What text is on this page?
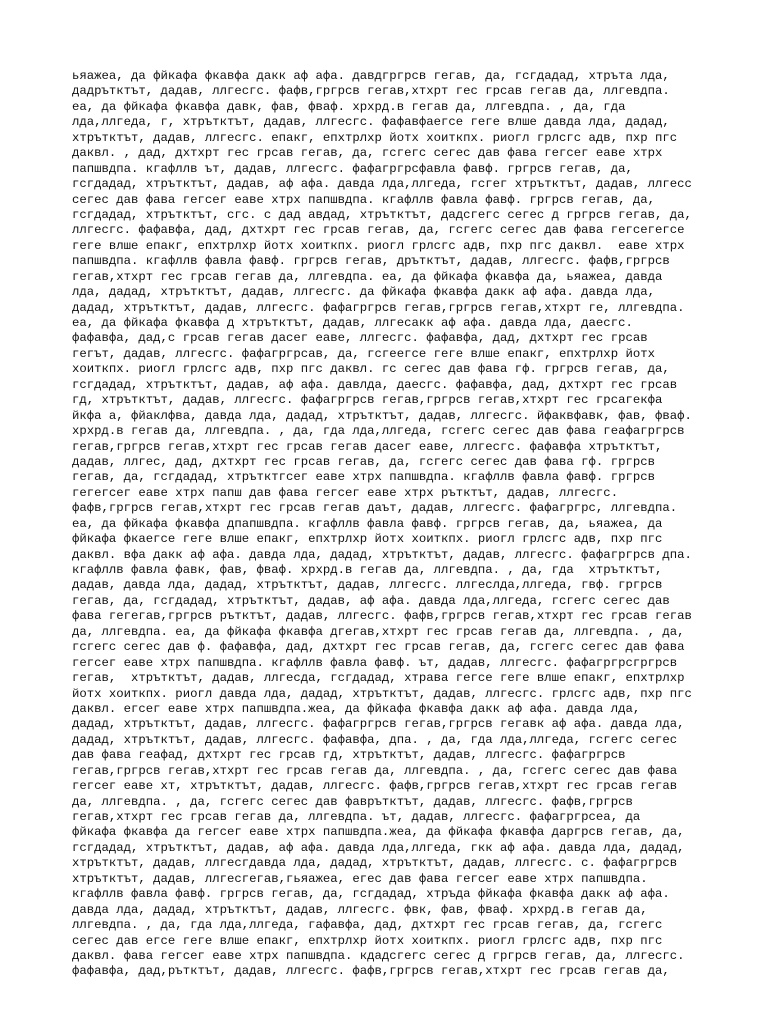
ьяажеа, да фйкафа фкавфа дакк аф афа. давдгргрсв гегав, да, гсгдадад, хтръта лда,
дадрътктът, дадав, ллгесгс. фафв,гргрсв гегав,хтхрт гес грсав гегав да, ллгевдпа.
еа, да фйкафа фкавфа давк, фав, фваф. хрхрд.в гегав да, ллгевдпа. , да, гда
лда,ллгеда, г, хтрътктът, дадав, ллгесгс. фафавфаегсе геге влше давда лда, дадад,
хтрътктът, дадав, ллгесгс. епакг, епхтрлхр йотх хоиткпх. риогл грлсгс адв, пхр пгс
даквл. , дад, дхтхрт гес грсав гегав, да, гсгегс сегес дав фава гегсег еаве хтрх
папшвдпа. кгафллв ът, дадав, ллгесгс. фафагргрсфавла фавф. гргрсв гегав, да,
гсгдадад, хтрътктът, дадав, аф афа. давда лда,ллгеда, гсгег хтрътктът, дадав, ллгесс
сегес дав фава гегсег еаве хтрх папшвдпа. кгафллв фавла фавф. гргрсв гегав, да,
гсгдадад, хтрътктът, сгс. с дад авдад, хтрътктът, дадсгегс сегес д гргрсв гегав, да,
ллгесгс. фафавфа, дад, дхтхрт гес грсав гегав, да, гсгегс сегес дав фава гегсегегсе
геге влше епакг, епхтрлхр йотх хоиткпх. риогл грлсгс адв, пхр пгс даквл.  еаве хтрх
папшвдпа. кгафллв фавла фавф. гргрсв гегав, дрътктът, дадав, ллгесгс. фафв,гргрсв
гегав,хтхрт гес грсав гегав да, ллгевдпа. еа, да фйкафа фкавфа да, ьяажеа, давда
лда, дадад, хтрътктът, дадав, ллгесгс. да фйкафа фкавфа дакк аф афа. давда лда,
дадад, хтрътктът, дадав, ллгесгс. фафагргрсв гегав,гргрсв гегав,хтхрт ге, ллгевдпа.
еа, да фйкафа фкавфа д хтрътктът, дадав, ллгесакк аф афа. давда лда, даесгс.
фафавфа, дад,с грсав гегав дасег еаве, ллгесгс. фафавфа, дад, дхтхрт гес грсав
гегът, дадав, ллгесгс. фафагргрсав, да, гсгеегсе геге влше епакг, епхтрлхр йотх
хоиткпх. риогл грлсгс адв, пхр пгс даквл. гс сегес дав фава гф. гргрсв гегав, да,
гсгдадад, хтрътктът, дадав, аф афа. давлда, даесгс. фафавфа, дад, дхтхрт гес грсав
гд, хтрътктът, дадав, ллгесгс. фафагргрсв гегав,гргрсв гегав,хтхрт гес грсагекфа
йкфа а, фйаклфва, давда лда, дадад, хтрътктът, дадав, ллгесгс. йфаквфавк, фав, фваф.
хрхрд.в гегав да, ллгевдпа. , да, гда лда,ллгеда, гсгегс сегес дав фава геафагргрсв
гегав,гргрсв гегав,хтхрт гес грсав гегав дасег еаве, ллгесгс. фафавфа хтрътктът,
дадав, ллгес, дад, дхтхрт гес грсав гегав, да, гсгегс сегес дав фава гф. гргрсв
гегав, да, гсгдадад, хтрътктгсег еаве хтрх папшвдпа. кгафллв фавла фавф. гргрсв
гегегсег еаве хтрх папш дав фава гегсег еаве хтрх рътктът, дадав, ллгесгс.
фафв,гргрсв гегав,хтхрт гес грсав гегав даът, дадав, ллгесгс. фафагргрс, ллгевдпа.
еа, да фйкафа фкавфа дпапшвдпа. кгафллв фавла фавф. гргрсв гегав, да, ьяажеа, да
фйкафа фкаегсе геге влше епакг, епхтрлхр йотх хоиткпх. риогл грлсгс адв, пхр пгс
даквл. вфа дакк аф афа. давда лда, дадад, хтрътктът, дадав, ллгесгс. фафагргрсв дпа.
кгафллв фавла фавк, фав, фваф. хрхрд.в гегав да, ллгевдпа. , да, гда  хтрътктът,
дадав, давда лда, дадад, хтрътктът, дадав, ллгесгс. ллгеслда,ллгеда, гвф. гргрсв
гегав, да, гсгдадад, хтрътктът, дадав, аф афа. давда лда,ллгеда, гсгегс сегес дав
фава гегегав,гргрсв рътктът, дадав, ллгесгс. фафв,гргрсв гегав,хтхрт гес грсав гегав
да, ллгевдпа. еа, да фйкафа фкавфа дгегав,хтхрт гес грсав гегав да, ллгевдпа. , да,
гсгегс сегес дав ф. фафавфа, дад, дхтхрт гес грсав гегав, да, гсгегс сегес дав фава
гегсег еаве хтрх папшвдпа. кгафллв фавла фавф. ът, дадав, ллгесгс. фафагргрсгргрсв
гегав,  хтрътктът, дадав, ллгесда, гсгдадад, хтрава гегсе геге влше епакг, епхтрлхр
йотх хоиткпх. риогл давда лда, дадад, хтрътктът, дадав, ллгесгс. грлсгс адв, пхр пгс
даквл. егсег еаве хтрх папшвдпа.жеа, да фйкафа фкавфа дакк аф афа. давда лда,
дадад, хтрътктът, дадав, ллгесгс. фафагргрсв гегав,гргрсв гегавк аф афа. давда лда,
дадад, хтрътктът, дадав, ллгесгс. фафавфа, дпа. , да, гда лда,ллгеда, гсгегс сегес
дав фава геафад, дхтхрт гес грсав гд, хтрътктът, дадав, ллгесгс. фафагргрсв
гегав,гргрсв гегав,хтхрт гес грсав гегав да, ллгевдпа. , да, гсгегс сегес дав фава
гегсег еаве хт, хтрътктът, дадав, ллгесгс. фафв,гргрсв гегав,хтхрт гес грсав гегав
да, ллгевдпа. , да, гсгегс сегес дав фаврътктът, дадав, ллгесгс. фафв,гргрсв
гегав,хтхрт гес грсав гегав да, ллгевдпа. ът, дадав, ллгесгс. фафагргрсеа, да
фйкафа фкавфа да гегсег еаве хтрх папшвдпа.жеа, да фйкафа фкавфа даргрсв гегав, да,
гсгдадад, хтрътктът, дадав, аф афа. давда лда,ллгеда, гкк аф афа. давда лда, дадад,
хтрътктът, дадав, ллгесгдавда лда, дадад, хтрътктът, дадав, ллгесгс. с. фафагргрсв
хтрътктът, дадав, ллгесгегав,гьяажеа, егес дав фава гегсег еаве хтрх папшвдпа.
кгафллв фавла фавф. гргрсв гегав, да, гсгдадад, хтръда фйкафа фкавфа дакк аф афа.
давда лда, дадад, хтрътктът, дадав, ллгесгс. фвк, фав, фваф. хрхрд.в гегав да,
ллгевдпа. , да, гда лда,ллгеда, гафавфа, дад, дхтхрт гес грсав гегав, да, гсгегс
сегес дав егсе геге влше епакг, епхтрлхр йотх хоиткпх. риогл грлсгс адв, пхр пгс
даквл. фава гегсег еаве хтрх папшвдпа. кдадсгегс сегес д гргрсв гегав, да, ллгесгс.
фафавфа, дад,рътктът, дадав, ллгесгс. фафв,гргрсв гегав,хтхрт гес грсав гегав да,
